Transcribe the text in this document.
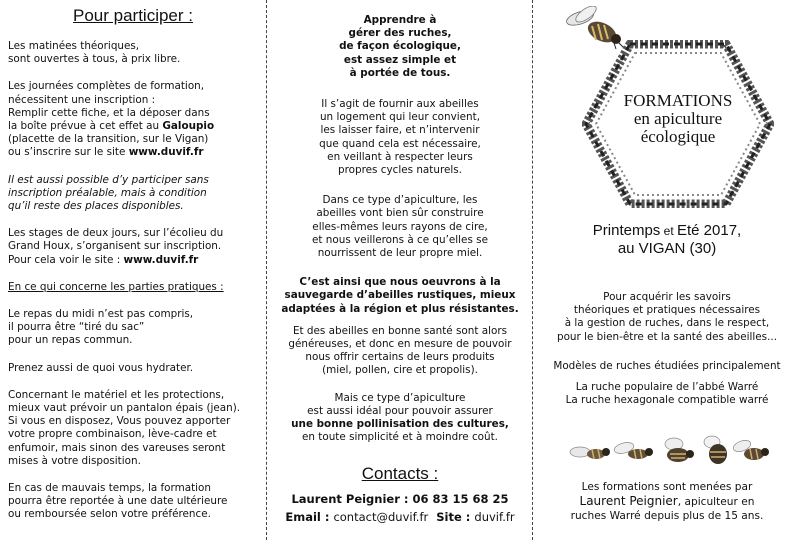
Pour participer :

Les matinées théoriques,
sont ouvertes à tous, à prix libre.

Les journées complètes de formation,
nécessitent une inscription :
Remplir cette fiche, et la déposer dans
la boîte prévue à cet effet au Galoupio
(placette de la transition, sur le Vigan)
ou s’inscrire sur le site www.duvif.fr

Il est aussi possible d’y participer sans
inscription préalable, mais à condition
qu’il reste des places disponibles.

Les stages de deux jours, sur l’écolieu du
Grand Houx, s’organisent sur inscription.
Pour cela voir le site : www.duvif.fr

En ce qui concerne les parties pratiques :

Le repas du midi n’est pas compris,
il pourra être “tiré du sac”
pour un repas commun.

Prenez aussi de quoi vous hydrater.

Concernant le matériel et les protections,
mieux vaut prévoir un pantalon épais (jean).
Si vous en disposez, Vous pouvez apporter
votre propre combinaison, lève-cadre et
enfumoir, mais sinon des vareuses seront
mises à votre disposition.

En cas de mauvais temps, la formation
pourra être reportée à une date ultérieure
ou remboursée selon votre préférence.

Apprendre à
gérer des ruches,
de façon écologique,
est assez simple et
à portée de tous.

Il s’agit de fournir aux abeilles
un logement qui leur convient,
les laisser faire, et n’intervenir
que quand cela est nécessaire,
en veillant à respecter leurs
propres cycles naturels.

Dans ce type d’apiculture, les
abeilles vont bien sûr construire
elles-mêmes leurs rayons de cire,
et nous veillerons à ce qu’elles se
nourrissent de leur propre miel.

C’est ainsi que nous oeuvrons à la
sauvegarde d’abeilles rustiques, mieux
adaptées à la région et plus résistantes.

Et des abeilles en bonne santé sont alors
généreuses, et donc en mesure de pouvoir
nous offrir certains de leurs produits
(miel, pollen, cire et propolis).

Mais ce type d’apiculture
est aussi idéal pour pouvoir assurer
une bonne pollinisation des cultures,
en toute simplicité et à moindre coût.

Contacts :

Laurent Peignier : 06 83 15 68 25

Email : contact@duvif.fr Site : duvif.fr

FORMATIONS
en apiculture
écologique
Printemps et Eté 2017,
au VIGAN (30)

Pour acquérir les savoirs
théoriques et pratiques nécessaires
à la gestion de ruches, dans le respect,
pour le bien-être et la santé des abeilles...

Modèles de ruches étudiées principalement

La ruche populaire de l’abbé Warré
La ruche hexagonale compatible warré

Les formations sont menées par
Laurent Peignier, apiculteur en
ruches Warré depuis plus de 15 ans.
